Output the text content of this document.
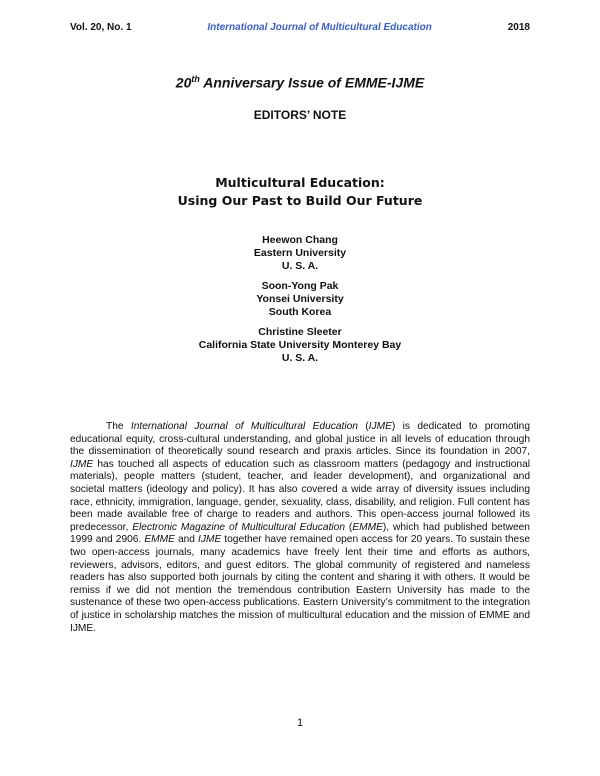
Vol. 20, No. 1	International Journal of Multicultural Education	2018
20th Anniversary Issue of EMME-IJME
EDITORS’ NOTE
Multicultural Education:
Using Our Past to Build Our Future
Heewon Chang
Eastern University
U. S. A.
Soon-Yong Pak
Yonsei University
South Korea
Christine Sleeter
California State University Monterey Bay
U. S. A.

The International Journal of Multicultural Education (IJME) is dedicated to promoting educational equity, cross-cultural understanding, and global justice in all levels of education through the dissemination of theoretically sound research and praxis articles. Since its foundation in 2007, IJME has touched all aspects of education such as classroom matters (pedagogy and instructional materials), people matters (student, teacher, and leader development), and organizational and societal matters (ideology and policy). It has also covered a wide array of diversity issues including race, ethnicity, immigration, language, gender, sexuality, class, disability, and religion. Full content has been made available free of charge to readers and authors. This open-access journal followed its predecessor, Electronic Magazine of Multicultural Education (EMME), which had published between 1999 and 2906. EMME and IJME together have remained open access for 20 years. To sustain these two open-access journals, many academics have freely lent their time and efforts as authors, reviewers, advisors, editors, and guest editors. The global community of registered and nameless readers has also supported both journals by citing the content and sharing it with others. It would be remiss if we did not mention the tremendous contribution Eastern University has made to the sustenance of these two open-access publications. Eastern University’s commitment to the integration of justice in scholarship matches the mission of multicultural education and the mission of EMME and IJME.

1
